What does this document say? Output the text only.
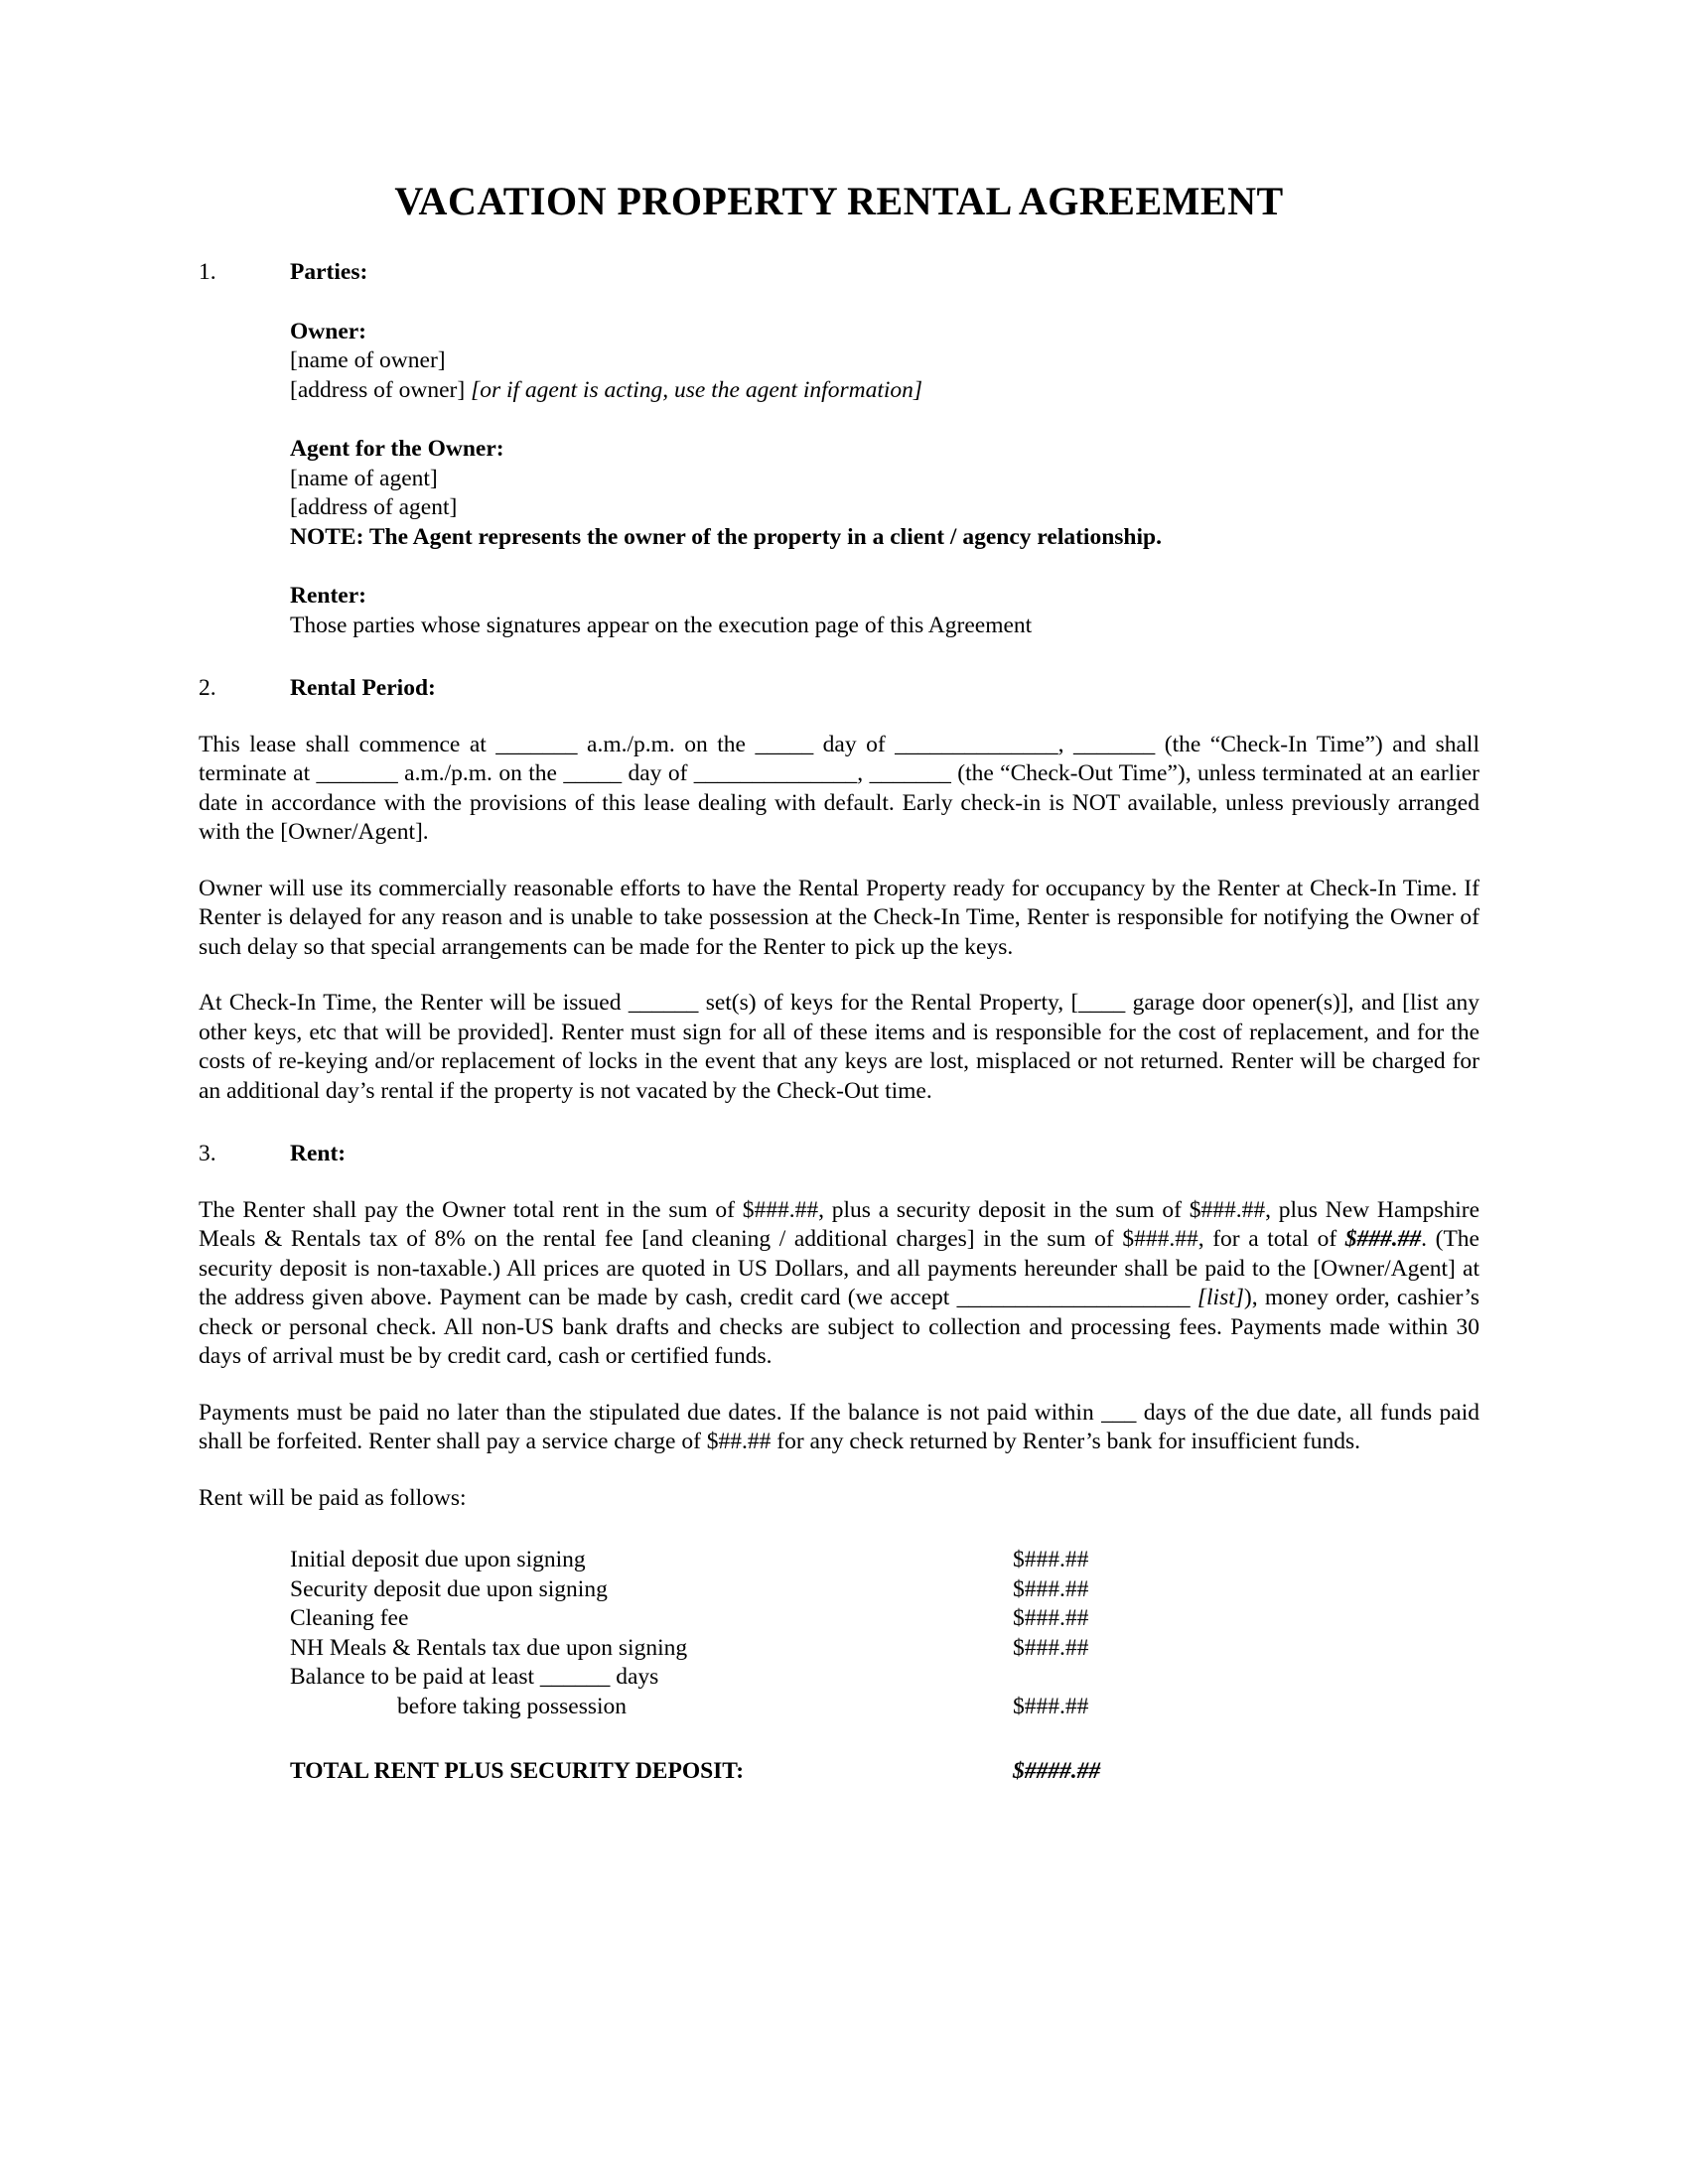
VACATION PROPERTY RENTAL AGREEMENT
1.	Parties:
Owner:
[name of owner]
[address of owner] [or if agent is acting, use the agent information]
Agent for the Owner:
[name of agent]
[address of agent]
NOTE: The Agent represents the owner of the property in a client / agency relationship.
Renter:
Those parties whose signatures appear on the execution page of this Agreement
2.	Rental Period:

This lease shall commence at _______ a.m./p.m. on the _____ day of ______________, _______ (the “Check-In Time”) and shall terminate at _______ a.m./p.m. on the _____ day of ______________, _______ (the “Check-Out Time”), unless terminated at an earlier date in accordance with the provisions of this lease dealing with default. Early check-in is NOT available, unless previously arranged with the [Owner/Agent].

Owner will use its commercially reasonable efforts to have the Rental Property ready for occupancy by the Renter at Check-In Time. If Renter is delayed for any reason and is unable to take possession at the Check-In Time, Renter is responsible for notifying the Owner of such delay so that special arrangements can be made for the Renter to pick up the keys.

At Check-In Time, the Renter will be issued ______ set(s) of keys for the Rental Property, [____ garage door opener(s)], and [list any other keys, etc that will be provided]. Renter must sign for all of these items and is responsible for the cost of replacement, and for the costs of re-keying and/or replacement of locks in the event that any keys are lost, misplaced or not returned. Renter will be charged for an additional day’s rental if the property is not vacated by the Check-Out time.

3.	Rent:

The Renter shall pay the Owner total rent in the sum of $###.##, plus a security deposit in the sum of $###.##, plus New Hampshire Meals & Rentals tax of 8% on the rental fee [and cleaning / additional charges] in the sum of $###.##, for a total of $###.##. (The security deposit is non-taxable.) All prices are quoted in US Dollars, and all payments hereunder shall be paid to the [Owner/Agent] at the address given above. Payment can be made by cash, credit card (we accept ____________________ [list]), money order, cashier’s check or personal check. All non-US bank drafts and checks are subject to collection and processing fees. Payments made within 30 days of arrival must be by credit card, cash or certified funds.

Payments must be paid no later than the stipulated due dates. If the balance is not paid within ___ days of the due date, all funds paid shall be forfeited. Renter shall pay a service charge of $##.## for any check returned by Renter’s bank for insufficient funds.

Rent will be paid as follows:

Initial deposit due upon signing	$###.##
Security deposit due upon signing	$###.##
Cleaning fee	$###.##
NH Meals & Rentals tax due upon signing	$###.##
Balance to be paid at least ______ days
before taking possession	$###.##
TOTAL RENT PLUS SECURITY DEPOSIT:	$####.##
